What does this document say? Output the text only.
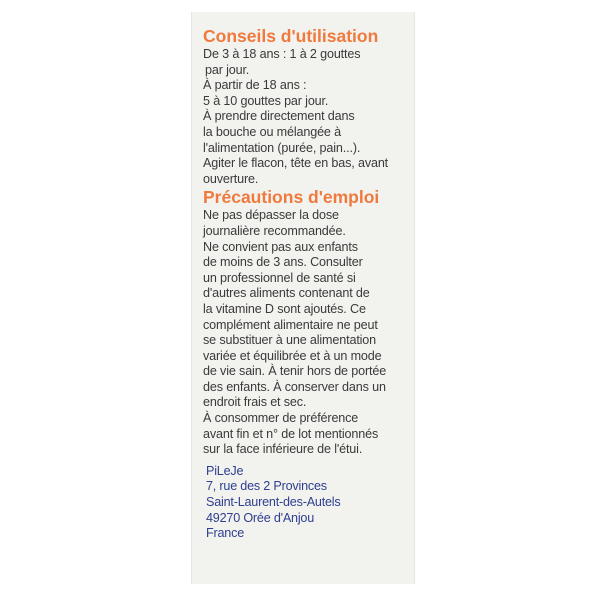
Conseils d'utilisation
De 3 à 18 ans : 1 à 2 gouttes
par jour.
À partir de 18 ans :
5 à 10 gouttes par jour.
À prendre directement dans
la bouche ou mélangée à
l'alimentation (purée, pain...).
Agiter le flacon, tête en bas, avant
ouverture.
Précautions d'emploi
Ne pas dépasser la dose
journalière recommandée.
Ne convient pas aux enfants
de moins de 3 ans. Consulter
un professionnel de santé si
d'autres aliments contenant de
la vitamine D sont ajoutés. Ce
complément alimentaire ne peut
se substituer à une alimentation
variée et équilibrée et à un mode
de vie sain. À tenir hors de portée
des enfants. À conserver dans un
endroit frais et sec.
À consommer de préférence
avant fin et n° de lot mentionnés
sur la face inférieure de l'étui.
PiLeJe
7, rue des 2 Provinces
Saint-Laurent-des-Autels
49270 Orée d'Anjou
France
